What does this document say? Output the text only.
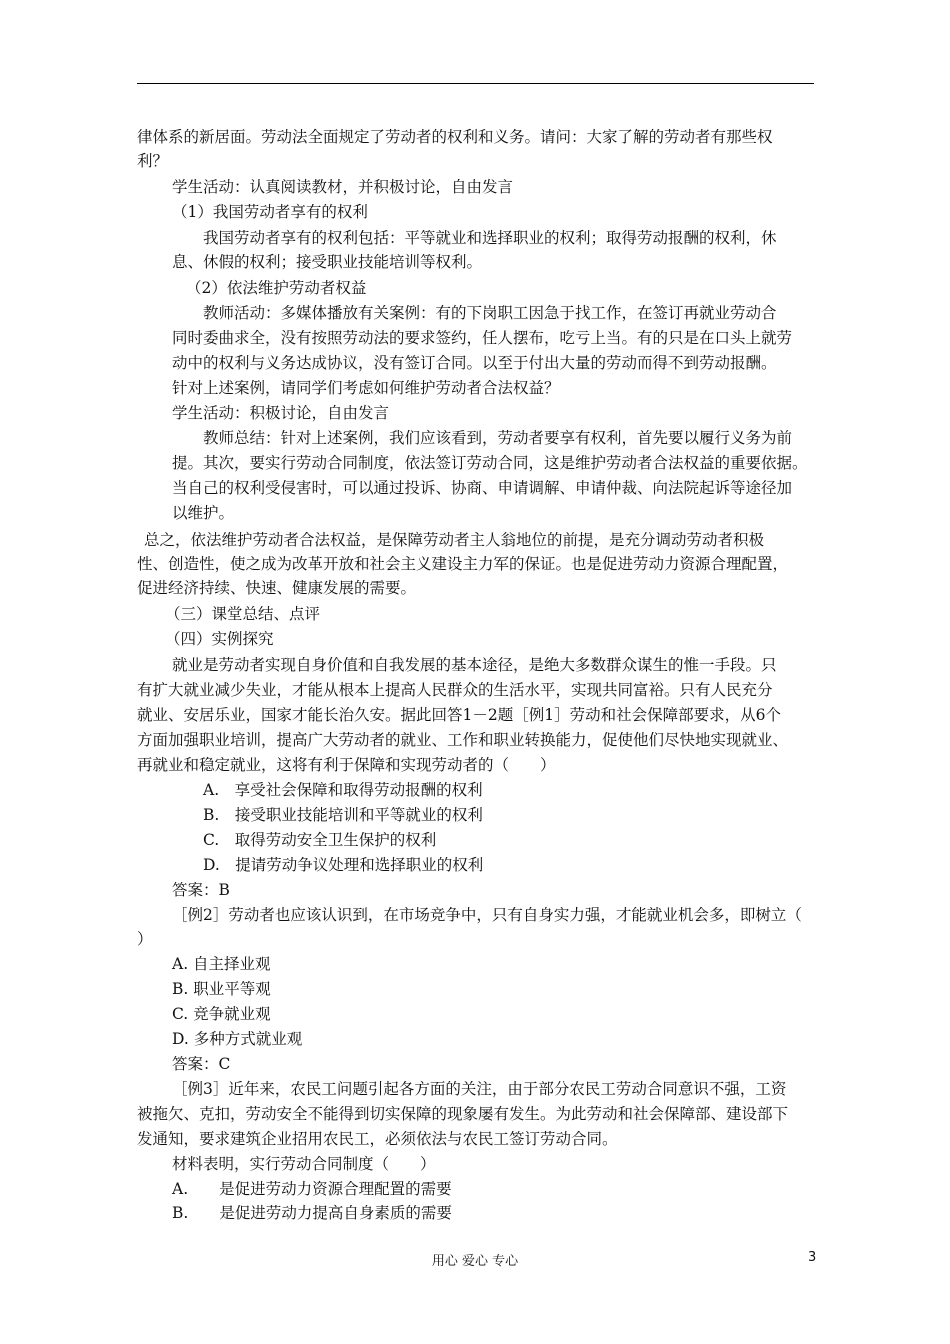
律体系的新居面。劳动法全面规定了劳动者的权利和义务。请问：大家了解的劳动者有那些权
利？
学生活动：认真阅读教材，并积极讨论，自由发言
（1）我国劳动者享有的权利
我国劳动者享有的权利包括：平等就业和选择职业的权利；取得劳动报酬的权利，休
息、休假的权利；接受职业技能培训等权利。
（2）依法维护劳动者权益
教师活动：多媒体播放有关案例：有的下岗职工因急于找工作，在签订再就业劳动合
同时委曲求全，没有按照劳动法的要求签约，任人摆布，吃亏上当。有的只是在口头上就劳
动中的权利与义务达成协议，没有签订合同。以至于付出大量的劳动而得不到劳动报酬。
针对上述案例，请同学们考虑如何维护劳动者合法权益？
学生活动：积极讨论，自由发言
教师总结：针对上述案例，我们应该看到，劳动者要享有权利，首先要以履行义务为前
提。其次，要实行劳动合同制度，依法签订劳动合同，这是维护劳动者合法权益的重要依据。
当自己的权利受侵害时，可以通过投诉、协商、申请调解、申请仲裁、向法院起诉等途径加
以维护。
总之，依法维护劳动者合法权益，是保障劳动者主人翁地位的前提，是充分调动劳动者积极
性、创造性，使之成为改革开放和社会主义建设主力军的保证。也是促进劳动力资源合理配置，
促进经济持续、快速、健康发展的需要。
（三）课堂总结、点评
（四）实例探究
就业是劳动者实现自身价值和自我发展的基本途径，是绝大多数群众谋生的惟一手段。只
有扩大就业减少失业，才能从根本上提高人民群众的生活水平，实现共同富裕。只有人民充分
就业、安居乐业，国家才能长治久安。据此回答1－2题［例1］劳动和社会保障部要求，从6个
方面加强职业培训，提高广大劳动者的就业、工作和职业转换能力，促使他们尽快地实现就业、
再就业和稳定就业，这将有利于保障和实现劳动者的（　　）
A.　享受社会保障和取得劳动报酬的权利
B.　接受职业技能培训和平等就业的权利
C.　取得劳动安全卫生保护的权利
D.　提请劳动争议处理和选择职业的权利
答案：B
［例2］劳动者也应该认识到，在市场竞争中，只有自身实力强，才能就业机会多，即树立（
）
A. 自主择业观
B. 职业平等观
C. 竞争就业观
D. 多种方式就业观
答案：C
［例3］近年来，农民工问题引起各方面的关注，由于部分农民工劳动合同意识不强，工资
被拖欠、克扣，劳动安全不能得到切实保障的现象屡有发生。为此劳动和社会保障部、建设部下
发通知，要求建筑企业招用农民工，必须依法与农民工签订劳动合同。
材料表明，实行劳动合同制度（　　）
A.　　是促进劳动力资源合理配置的需要
B.　　是促进劳动力提高自身素质的需要
用心 爱心 专心	3
